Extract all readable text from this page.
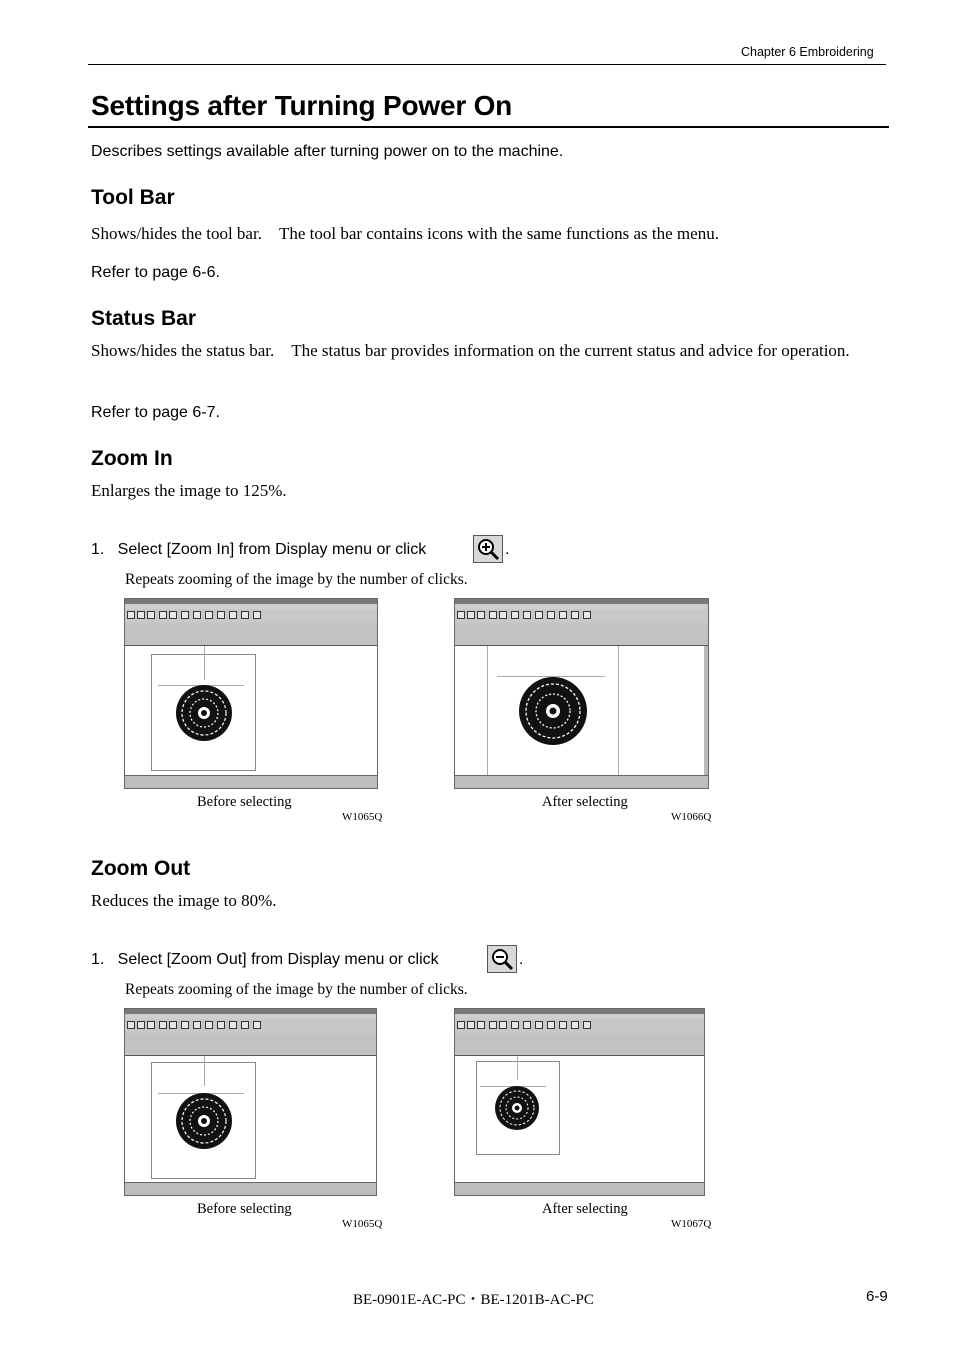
Chapter 6 Embroidering
Settings after Turning Power On
Describes settings available after turning power on to the machine.
Tool Bar
Shows/hides the tool bar.　The tool bar contains icons with the same functions as the menu.
Refer to page 6-6.
Status Bar
Shows/hides the status bar.　The status bar provides information on the current status and advice for operation.
Refer to page 6-7.
Zoom In
Enlarges the image to 125%.
1.   Select [Zoom In] from Display menu or click	.
Repeats zooming of the image by the number of clicks.
Before selecting
W1065Q
After selecting
W1066Q
Zoom Out
Reduces the image to 80%.
1.   Select [Zoom Out] from Display menu or click	.
Repeats zooming of the image by the number of clicks.
Before selecting
W1065Q
After selecting
W1067Q
BE-0901E-AC-PC・BE-1201B-AC-PC	6-9
